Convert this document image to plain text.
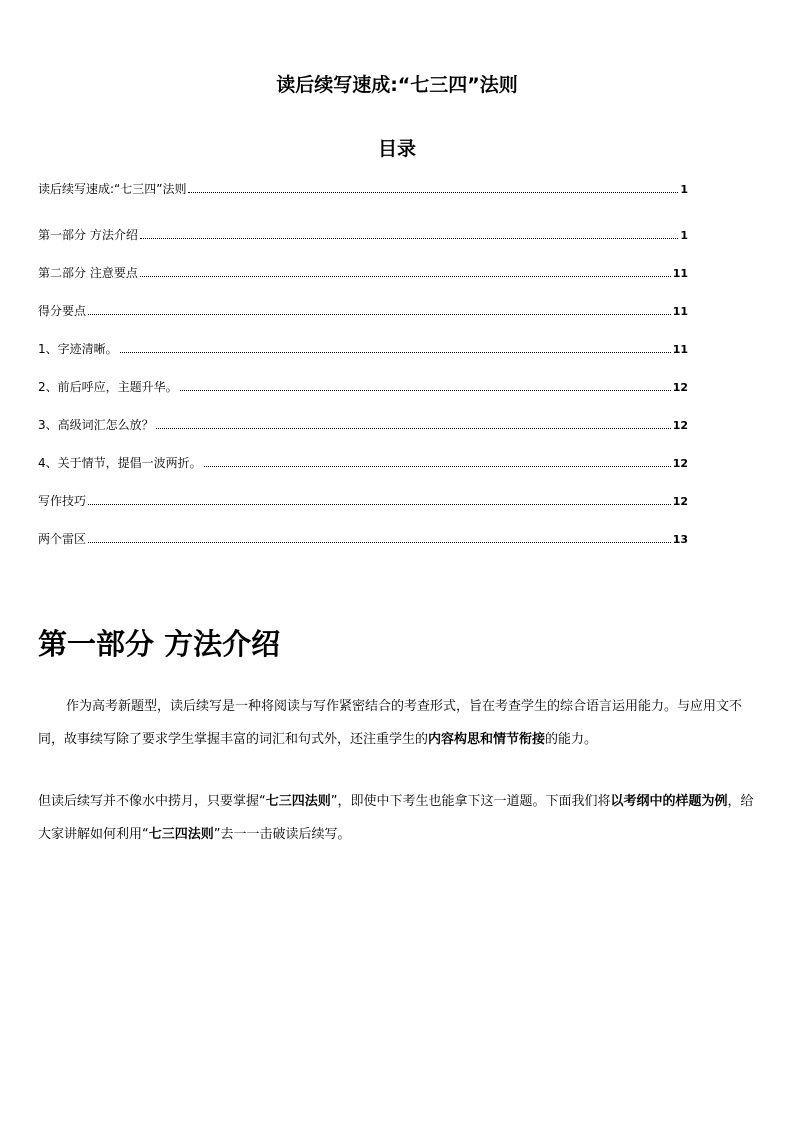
读后续写速成:“七三四”法则
目录
读后续写速成:“七三四”法则	1
第一部分 方法介绍	1
第二部分 注意要点	11
得分要点	11
1、字迹清晰。	11
2、前后呼应，主题升华。	12
3、高级词汇怎么放？	12
4、关于情节，提倡一波两折。	12
写作技巧	12
两个雷区	13
第一部分 方法介绍

作为高考新题型，读后续写是一种将阅读与写作紧密结合的考查形式，旨在考查学生的综合语言运用能力。与应用文不同，故事续写除了要求学生掌握丰富的词汇和句式外，还注重学生的内容构思和情节衔接的能力。

但读后续写并不像水中捞月，只要掌握“七三四法则”，即使中下考生也能拿下这一道题。下面我们将以考纲中的样题为例，给大家讲解如何利用“七三四法则”去一一击破读后续写。
